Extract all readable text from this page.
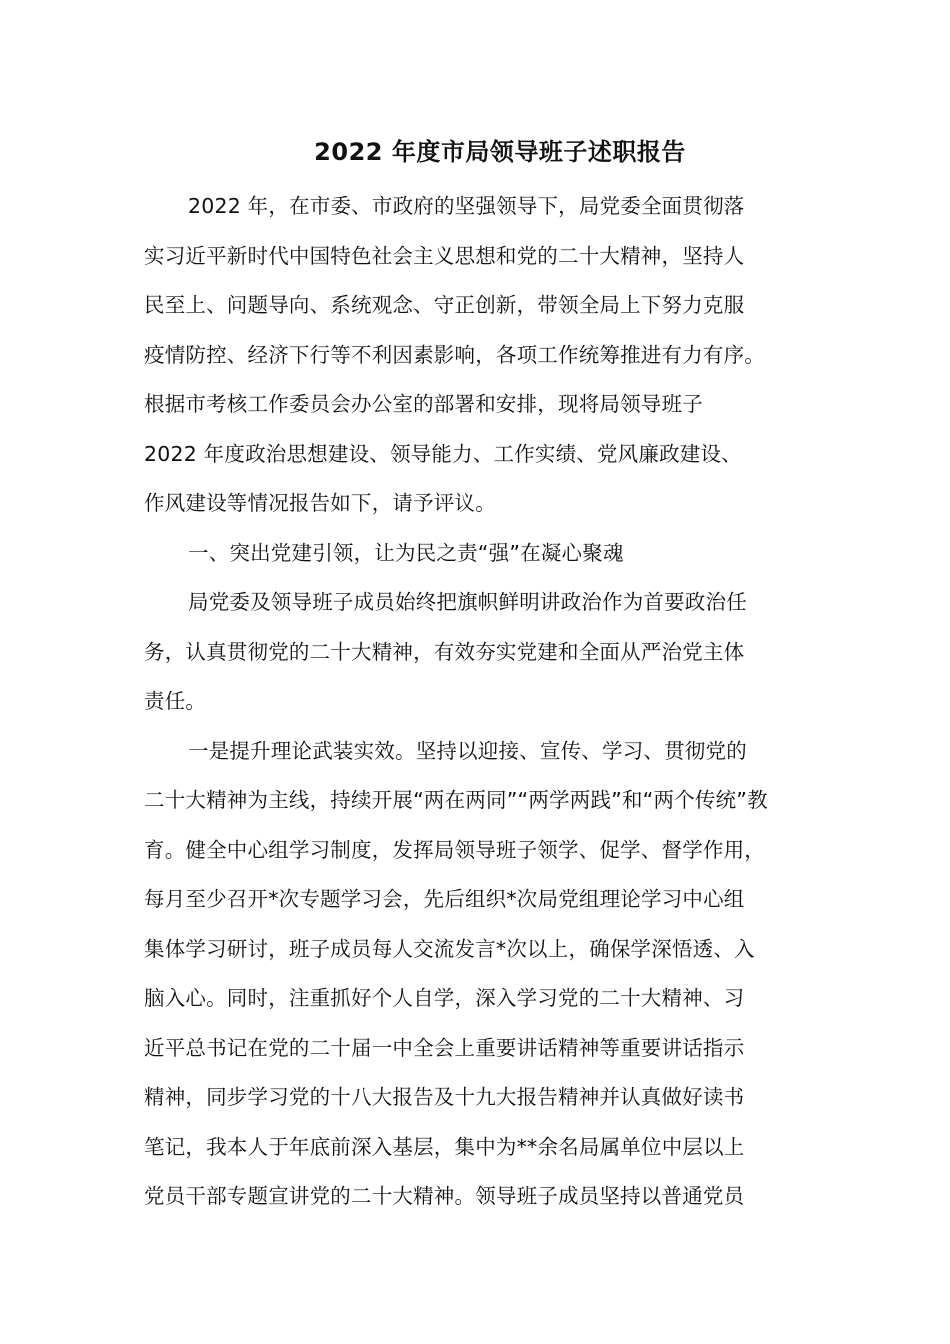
2022 年度市局领导班子述职报告
2022 年，在市委、市政府的坚强领导下，局党委全面贯彻落
实习近平新时代中国特色社会主义思想和党的二十大精神，坚持人
民至上、问题导向、系统观念、守正创新，带领全局上下努力克服
疫情防控、经济下行等不利因素影响，各项工作统筹推进有力有序。
根据市考核工作委员会办公室的部署和安排，现将局领导班子
2022 年度政治思想建设、领导能力、工作实绩、党风廉政建设、
作风建设等情况报告如下，请予评议。
一、突出党建引领，让为民之责“强”在凝心聚魂
局党委及领导班子成员始终把旗帜鲜明讲政治作为首要政治任
务，认真贯彻党的二十大精神，有效夯实党建和全面从严治党主体
责任。
一是提升理论武装实效。坚持以迎接、宣传、学习、贯彻党的
二十大精神为主线，持续开展“两在两同”“两学两践”和“两个传统”教
育。健全中心组学习制度，发挥局领导班子领学、促学、督学作用，
每月至少召开*次专题学习会，先后组织*次局党组理论学习中心组
集体学习研讨，班子成员每人交流发言*次以上，确保学深悟透、入
脑入心。同时，注重抓好个人自学，深入学习党的二十大精神、习
近平总书记在党的二十届一中全会上重要讲话精神等重要讲话指示
精神，同步学习党的十八大报告及十九大报告精神并认真做好读书
笔记，我本人于年底前深入基层，集中为**余名局属单位中层以上
党员干部专题宣讲党的二十大精神。领导班子成员坚持以普通党员
